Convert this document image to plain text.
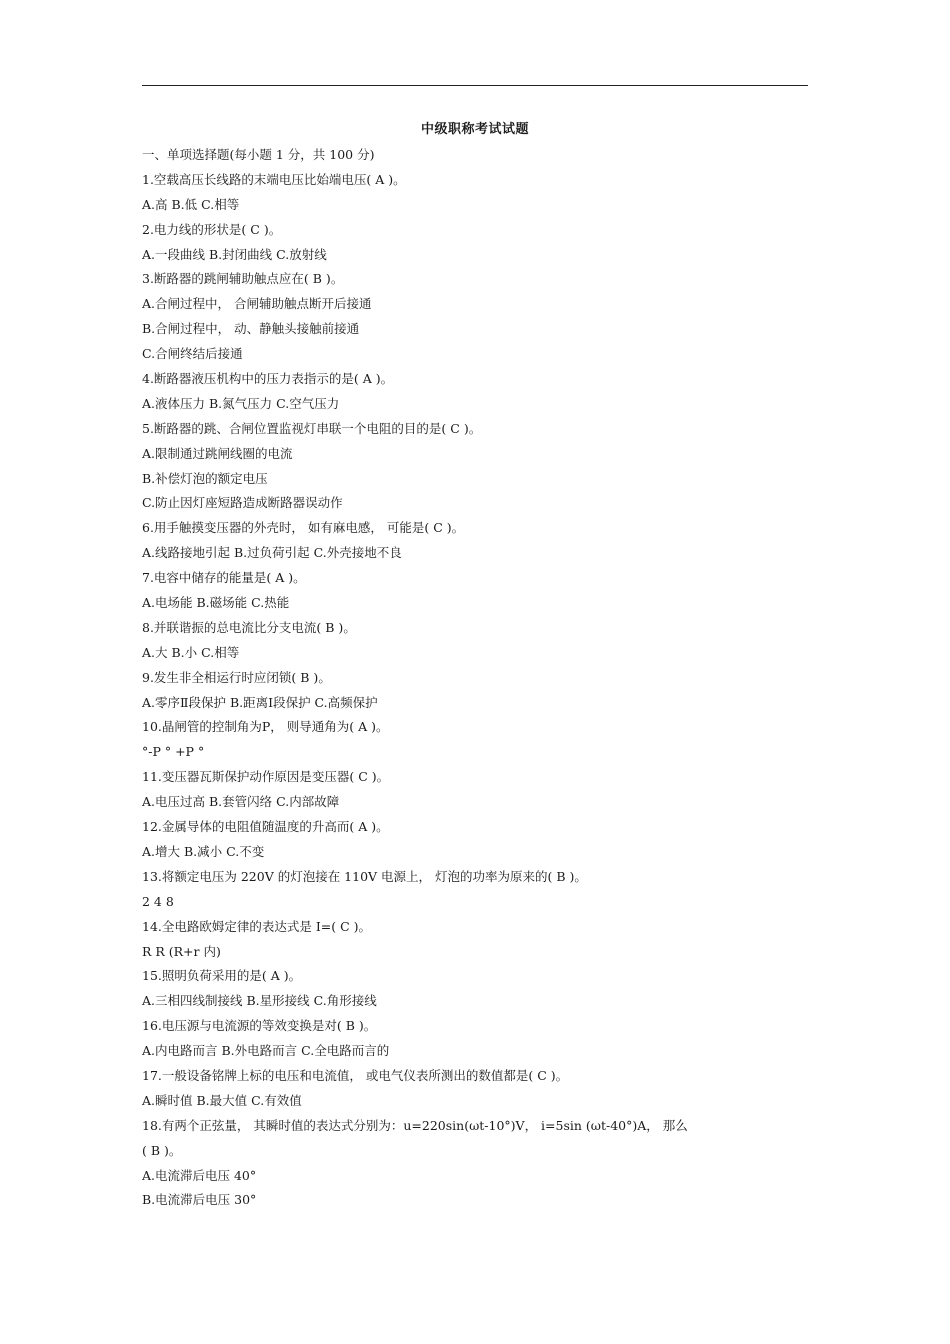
中级职称考试试题
一、单项选择题(每小题 1 分，共 100 分)
1.空载高压长线路的末端电压比始端电压( A )。
A.高 B.低 C.相等
2.电力线的形状是( C )。
A.一段曲线 B.封闭曲线 C.放射线
3.断路器的跳闸辅助触点应在( B )。
A.合闸过程中， 合闸辅助触点断开后接通
B.合闸过程中， 动、静触头接触前接通
C.合闸终结后接通
4.断路器液压机构中的压力表指示的是( A )。
A.液体压力 B.氮气压力 C.空气压力
5.断路器的跳、合闸位置监视灯串联一个电阻的目的是( C )。
A.限制通过跳闸线圈的电流
B.补偿灯泡的额定电压
C.防止因灯座短路造成断路器误动作
6.用手触摸变压器的外壳时， 如有麻电感， 可能是( C )。
A.线路接地引起 B.过负荷引起 C.外壳接地不良
7.电容中储存的能量是( A )。
A.电场能 B.磁场能 C.热能
8.并联谐振的总电流比分支电流( B )。
A.大 B.小 C.相等
9.发生非全相运行时应闭锁( B )。
A.零序Ⅱ段保护 B.距离Ⅰ段保护 C.高频保护
10.晶闸管的控制角为P， 则导通角为( A )。
°-P ° +P °
11.变压器瓦斯保护动作原因是变压器( C )。
A.电压过高 B.套管闪络 C.内部故障
12.金属导体的电阻值随温度的升高而( A )。
A.增大 B.减小 C.不变
13.将额定电压为 220V 的灯泡接在 110V 电源上， 灯泡的功率为原来的( B )。
2 4 8
14.全电路欧姆定律的表达式是 I=( C )。
R R (R+r 内)
15.照明负荷采用的是( A )。
A.三相四线制接线 B.星形接线 C.角形接线
16.电压源与电流源的等效变换是对( B )。
A.内电路而言 B.外电路而言 C.全电路而言的
17.一般设备铭牌上标的电压和电流值， 或电气仪表所测出的数值都是( C )。
A.瞬时值 B.最大值 C.有效值
18.有两个正弦量， 其瞬时值的表达式分别为：u=220sin(ωt-10°)V， i=5sin (ωt-40°)A， 那么
( B )。
A.电流滞后电压 40°
B.电流滞后电压 30°
